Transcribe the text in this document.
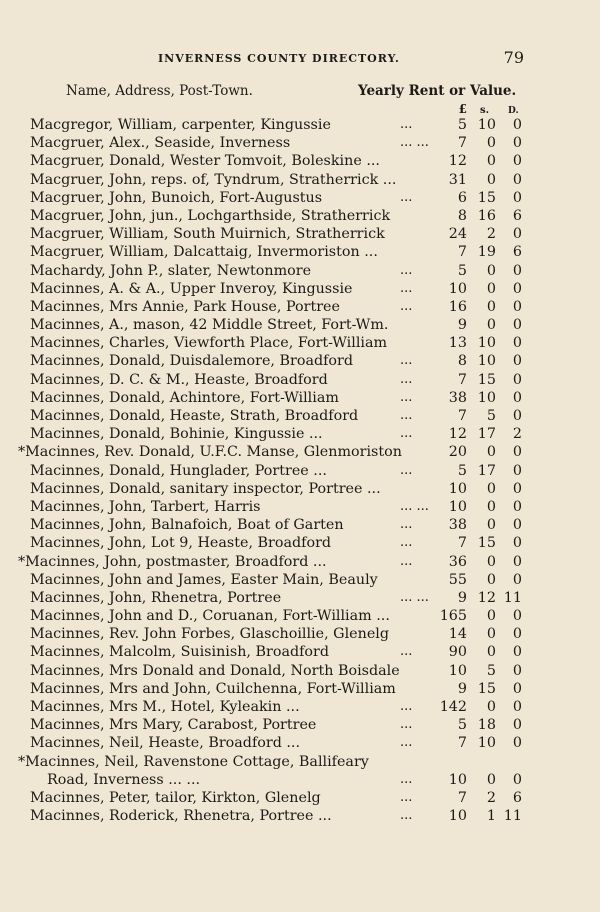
INVERNESS COUNTY DIRECTORY.	79
Name, Address, Post-Town.	Yearly Rent or Value.
£ s. D.
Macgregor, William, carpenter, Kingussie	...	5 10	0
Macgruer, Alex., Seaside, Inverness	... ...	7	0	0
Macgruer, Donald, Wester Tomvoit, Boleskine ...	12	0	0
Macgruer, John, reps. of, Tyndrum, Stratherrick ...	31	0	0
Macgruer, John, Bunoich, Fort-Augustus	...	6 15	0
Macgruer, John, jun., Lochgarthside, Stratherrick	8 16	6
Macgruer, William, South Muirnich, Stratherrick	24	2	0
Macgruer, William, Dalcattaig, Invermoriston ...	7 19	6
Machardy, John P., slater, Newtonmore	...	5	0	0
Macinnes, A. & A., Upper Inveroy, Kingussie	...	10	0	0
Macinnes, Mrs Annie, Park House, Portree	...	16	0	0
Macinnes, A., mason, 42 Middle Street, Fort-Wm.	9	0	0
Macinnes, Charles, Viewforth Place, Fort-William	13 10	0
Macinnes, Donald, Duisdalemore, Broadford	...	8 10	0
Macinnes, D. C. & M., Heaste, Broadford	...	7 15	0
Macinnes, Donald, Achintore, Fort-William	...	38 10	0
Macinnes, Donald, Heaste, Strath, Broadford	...	7	5	0
Macinnes, Donald, Bohinie, Kingussie ...	...	12 17	2
*Macinnes, Rev. Donald, U.F.C. Manse, Glenmoriston	20	0	0
Macinnes, Donald, Hunglader, Portree ...	...	5 17	0
Macinnes, Donald, sanitary inspector, Portree ...	10	0	0
Macinnes, John, Tarbert, Harris	... ...	10	0	0
Macinnes, John, Balnafoich, Boat of Garten	...	38	0	0
Macinnes, John, Lot 9, Heaste, Broadford	...	7 15	0
*Macinnes, John, postmaster, Broadford ...	...	36	0	0
Macinnes, John and James, Easter Main, Beauly	55	0	0
Macinnes, John, Rhenetra, Portree	... ...	9 12 11
Macinnes, John and D., Coruanan, Fort-William ...	165	0	0
Macinnes, Rev. John Forbes, Glaschoillie, Glenelg	14	0	0
Macinnes, Malcolm, Suisinish, Broadford	...	90	0	0
Macinnes, Mrs Donald and Donald, North Boisdale	10	5	0
Macinnes, Mrs and John, Cuilchenna, Fort-William	9 15	0
Macinnes, Mrs M., Hotel, Kyleakin ...	...	142	0	0
Macinnes, Mrs Mary, Carabost, Portree	...	5 18	0
Macinnes, Neil, Heaste, Broadford ...	...	7 10	0
*Macinnes, Neil, Ravenstone Cottage, Ballifeary
Road, Inverness ... ...	...	10	0	0
Macinnes, Peter, tailor, Kirkton, Glenelg	...	7	2	6
Macinnes, Roderick, Rhenetra, Portree ...	...	10	1 11
